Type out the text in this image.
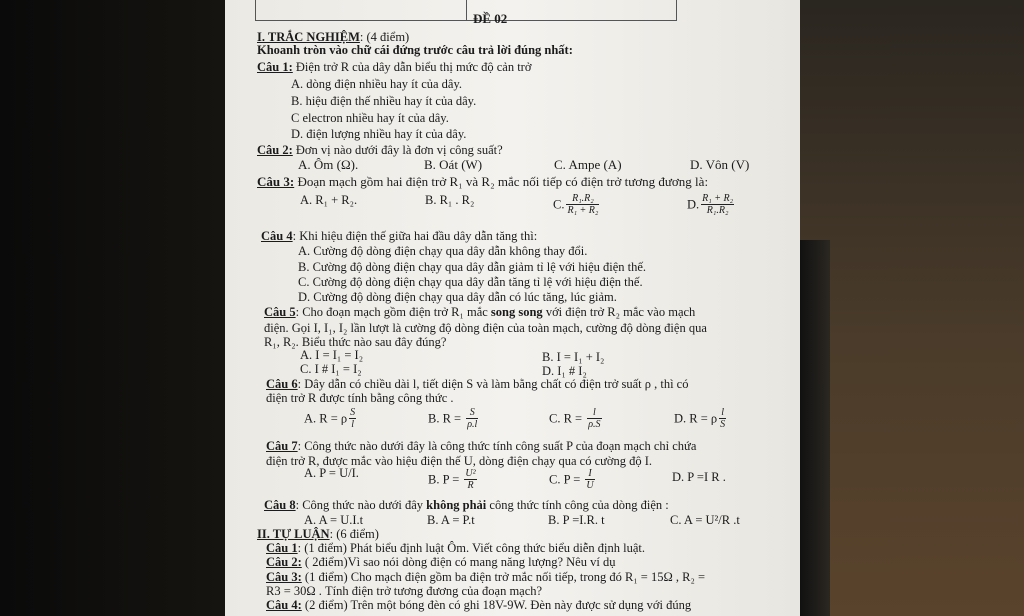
ĐỀ 02
I. TRẮC NGHIỆM: (4 điểm)
Khoanh tròn vào chữ cái đứng trước câu trả lời đúng nhất:
Câu 1: Điện trở R của dây dẫn biểu thị mức độ cản trở
A. dòng điện nhiều hay ít của dây.
B. hiệu điện thế nhiều hay ít của dây.
C electron nhiều hay ít của dây.
D. điện lượng nhiều hay ít của dây.
Câu 2: Đơn vị nào dưới đây là đơn vị công suất?
A. Ôm (Ω).	B. Oát (W)	C. Ampe (A)	D. Vôn (V)
Câu 3: Đoạn mạch gồm hai điện trở R₁ và R₂ mắc nối tiếp có điện trở tương đương là:
A. R₁ + R₂.	B. R₁ . R₂	C. $\frac{\text{R₁.R₂}}{\text{R₁ + R₂}}$	D. $\frac{\text{R₁ + R₂}}{\text{R₁.R₂}}$
Câu 4: Khi hiệu điện thế giữa hai đầu dây dẫn tăng thì:
A. Cường độ dòng điện chạy qua dây dẫn không thay đổi.
B. Cường độ dòng điện chạy qua dây dẫn giảm tỉ lệ với hiệu điện thế.
C. Cường độ dòng điện chạy qua dây dẫn tăng tỉ lệ với hiệu điện thế.
D. Cường độ dòng điện chạy qua dây dẫn có lúc tăng, lúc giảm.
Câu 5: Cho đoạn mạch gồm điện trở R₁ mắc song song với điện trở R₂ mắc vào mạch
điện. Gọi I, I₁, I₂ lần lượt là cường độ dòng điện của toàn mạch, cường độ dòng điện qua
R₁, R₂. Biểu thức nào sau đây đúng?
A. I = I₁ = I₂	B. I = I₁ + I₂
C. I # I₁ = I₂	D. I₁ # I₂
Câu 6: Dây dẫn có chiều dài l, tiết diện S và làm bằng chất có điện trở suất ρ , thì có
điện trở R được tính bằng công thức .
A. R = ρ $\frac{S}{l}$	B. $R = \frac{S}{\rho.l}$	C. $R = \frac{l}{\rho.S}$	D. R = ρ $\frac{l}{S}$
Câu 7: Công thức nào dưới đây là công thức tính công suất P của đoạn mạch chỉ chứa
điện trở R, được mắc vào hiệu điện thế U, dòng điện chạy qua có cường độ I.
A. P = U/I.	B. $P = \frac{\text{U²}}{R}$	C. $P = \frac{I}{U}$	D. P =I R .
Câu 8: Công thức nào dưới đây không phải công thức tính công của dòng điện :
A. A = U.I.t	B. A = P.t	B. P =I.R. t	C. A = U²/R .t
II. TỰ LUẬN: (6 điểm)
Câu 1: (1 điểm) Phát biểu định luật Ôm. Viết công thức biểu diễn định luật.
Câu 2: ( 2điểm)Vì sao nói dòng điện có mang năng lượng? Nêu ví dụ
Câu 3: (1 điểm) Cho mạch điện gồm ba điện trở mắc nối tiếp, trong đó R₁ = 15Ω , R₂ =
R3 = 30Ω . Tính điện trở tương đương của đoạn mạch?
Câu 4: (2 điểm) Trên một bóng đèn có ghi 18V-9W. Đèn này được sử dụng với đúng
